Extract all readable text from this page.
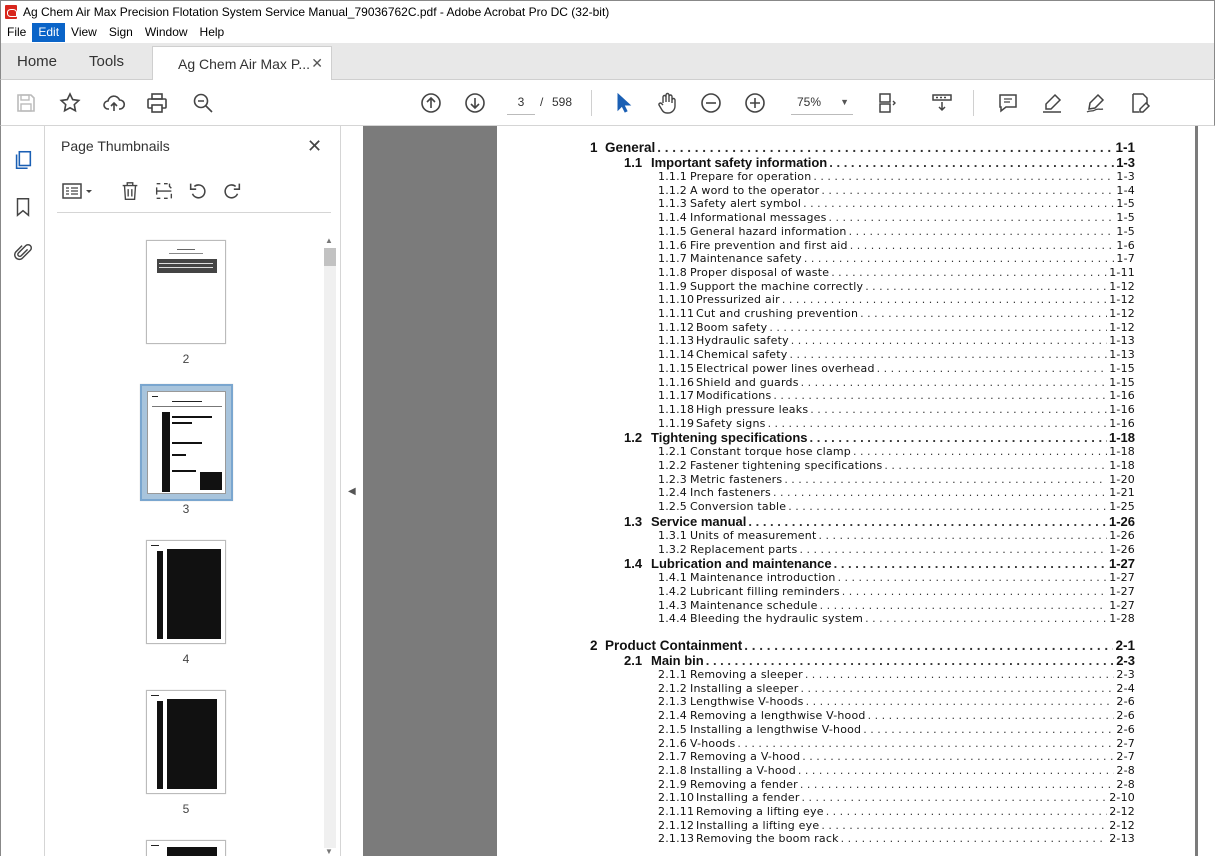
Ag Chem Air Max Precision Flotation System Service Manual_79036762C.pdf - Adobe Acrobat Pro DC (32-bit)
File	Edit	View	Sign	Window	Help
Home Tools	Ag Chem Air Max P... ✕
3	/ 598	75% ▼
Page Thumbnails	✕
2
3
4
5
▲
▼
◀
1 General . . .	1-1
1.1 Important safety information . . .	1-3
1.1.1 Prepare for operation . . .	1-3
1.1.2 A word to the operator . . .	1-4
1.1.3 Safety alert symbol . . .	1-5
1.1.4 Informational messages . . .	1-5
1.1.5 General hazard information . . .	1-5
1.1.6 Fire prevention and first aid . . .	1-6
1.1.7 Maintenance safety . . .	1-7
1.1.8 Proper disposal of waste . . .	1-11
1.1.9 Support the machine correctly . . .	1-12
1.1.10 Pressurized air . . .	1-12
1.1.11 Cut and crushing prevention . . .	1-12
1.1.12 Boom safety . . .	1-12
1.1.13 Hydraulic safety . . .	1-13
1.1.14 Chemical safety . . .	1-13
1.1.15 Electrical power lines overhead . . .	1-15
1.1.16 Shield and guards . . .	1-15
1.1.17 Modifications . . .	1-16
1.1.18 High pressure leaks . . .	1-16
1.1.19 Safety signs . . .	1-16
1.2 Tightening specifications . . .	1-18
1.2.1 Constant torque hose clamp . . .	1-18
1.2.2 Fastener tightening specifications . . .	1-18
1.2.3 Metric fasteners . . .	1-20
1.2.4 Inch fasteners . . .	1-21
1.2.5 Conversion table . . .	1-25
1.3 Service manual . . .	1-26
1.3.1 Units of measurement . . .	1-26
1.3.2 Replacement parts . . .	1-26
1.4 Lubrication and maintenance . . .	1-27
1.4.1 Maintenance introduction . . .	1-27
1.4.2 Lubricant filling reminders . . .	1-27
1.4.3 Maintenance schedule . . .	1-27
1.4.4 Bleeding the hydraulic system . . .	1-28
2 Product Containment . . .	2-1
2.1 Main bin . . .	2-3
2.1.1 Removing a sleeper . . .	2-3
2.1.2 Installing a sleeper . . .	2-4
2.1.3 Lengthwise V-hoods . . .	2-6
2.1.4 Removing a lengthwise V-hood . . .	2-6
2.1.5 Installing a lengthwise V-hood . . .	2-6
2.1.6 V-hoods . . .	2-7
2.1.7 Removing a V-hood . . .	2-7
2.1.8 Installing a V-hood . . .	2-8
2.1.9 Removing a fender . . .	2-8
2.1.10 Installing a fender . . .	2-10
2.1.11 Removing a lifting eye . . .	2-12
2.1.12 Installing a lifting eye . . .	2-12
2.1.13 Removing the boom rack . . .	2-13
